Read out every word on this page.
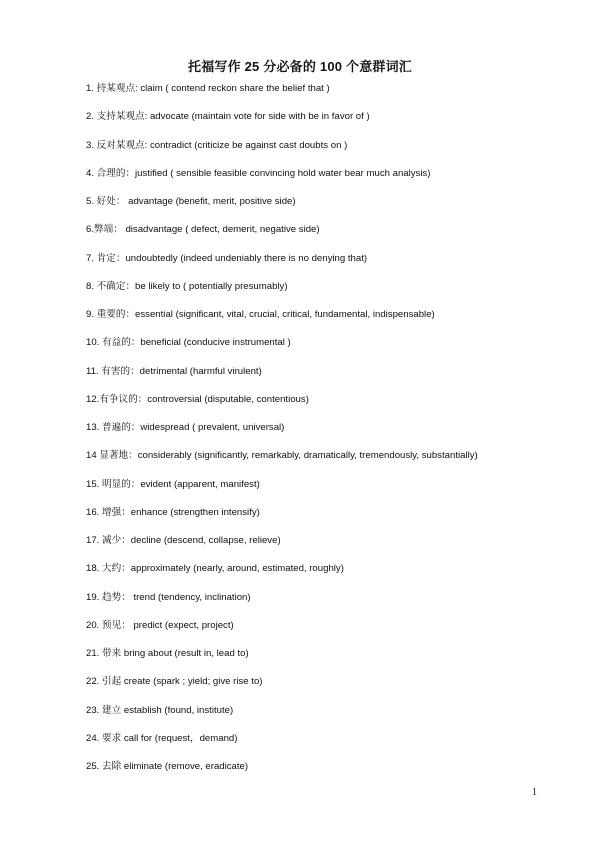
托福写作 25 分必备的 100 个意群词汇
1. 持某观点: claim ( contend reckon share the belief that )
2. 支持某观点: advocate (maintain vote for side with be in favor of )
3. 反对某观点: contradict (criticize be against cast doubts on )
4. 合理的：justified ( sensible feasible convincing hold water bear much analysis)
5. 好处： advantage (benefit, merit, positive side)
6.弊端： disadvantage ( defect, demerit, negative side)
7. 肯定：undoubtedly (indeed undeniably there is no denying that)
8. 不确定：be likely to ( potentially presumably)
9. 重要的：essential (significant, vital, crucial, critical, fundamental, indispensable)
10. 有益的：beneficial (conducive instrumental )
11. 有害的：detrimental (harmful virulent)
12.有争议的：controversial (disputable, contentious)
13. 普遍的：widespread ( prevalent, universal)
14 显著地：considerably (significantly, remarkably, dramatically, tremendously, substantially)
15. 明显的：evident (apparent, manifest)
16. 增强：enhance (strengthen intensify)
17. 减少：decline (descend, collapse, relieve)
18. 大约：approximately (nearly, around, estimated, roughly)
19. 趋势： trend (tendency, inclination)
20. 预见： predict (expect, project)
21. 带来 bring about (result in, lead to)
22. 引起 create (spark ; yield; give rise to)
23. 建立 establish (found, institute)
24. 要求 call for (request，demand)
25. 去除 eliminate (remove, eradicate)
1
